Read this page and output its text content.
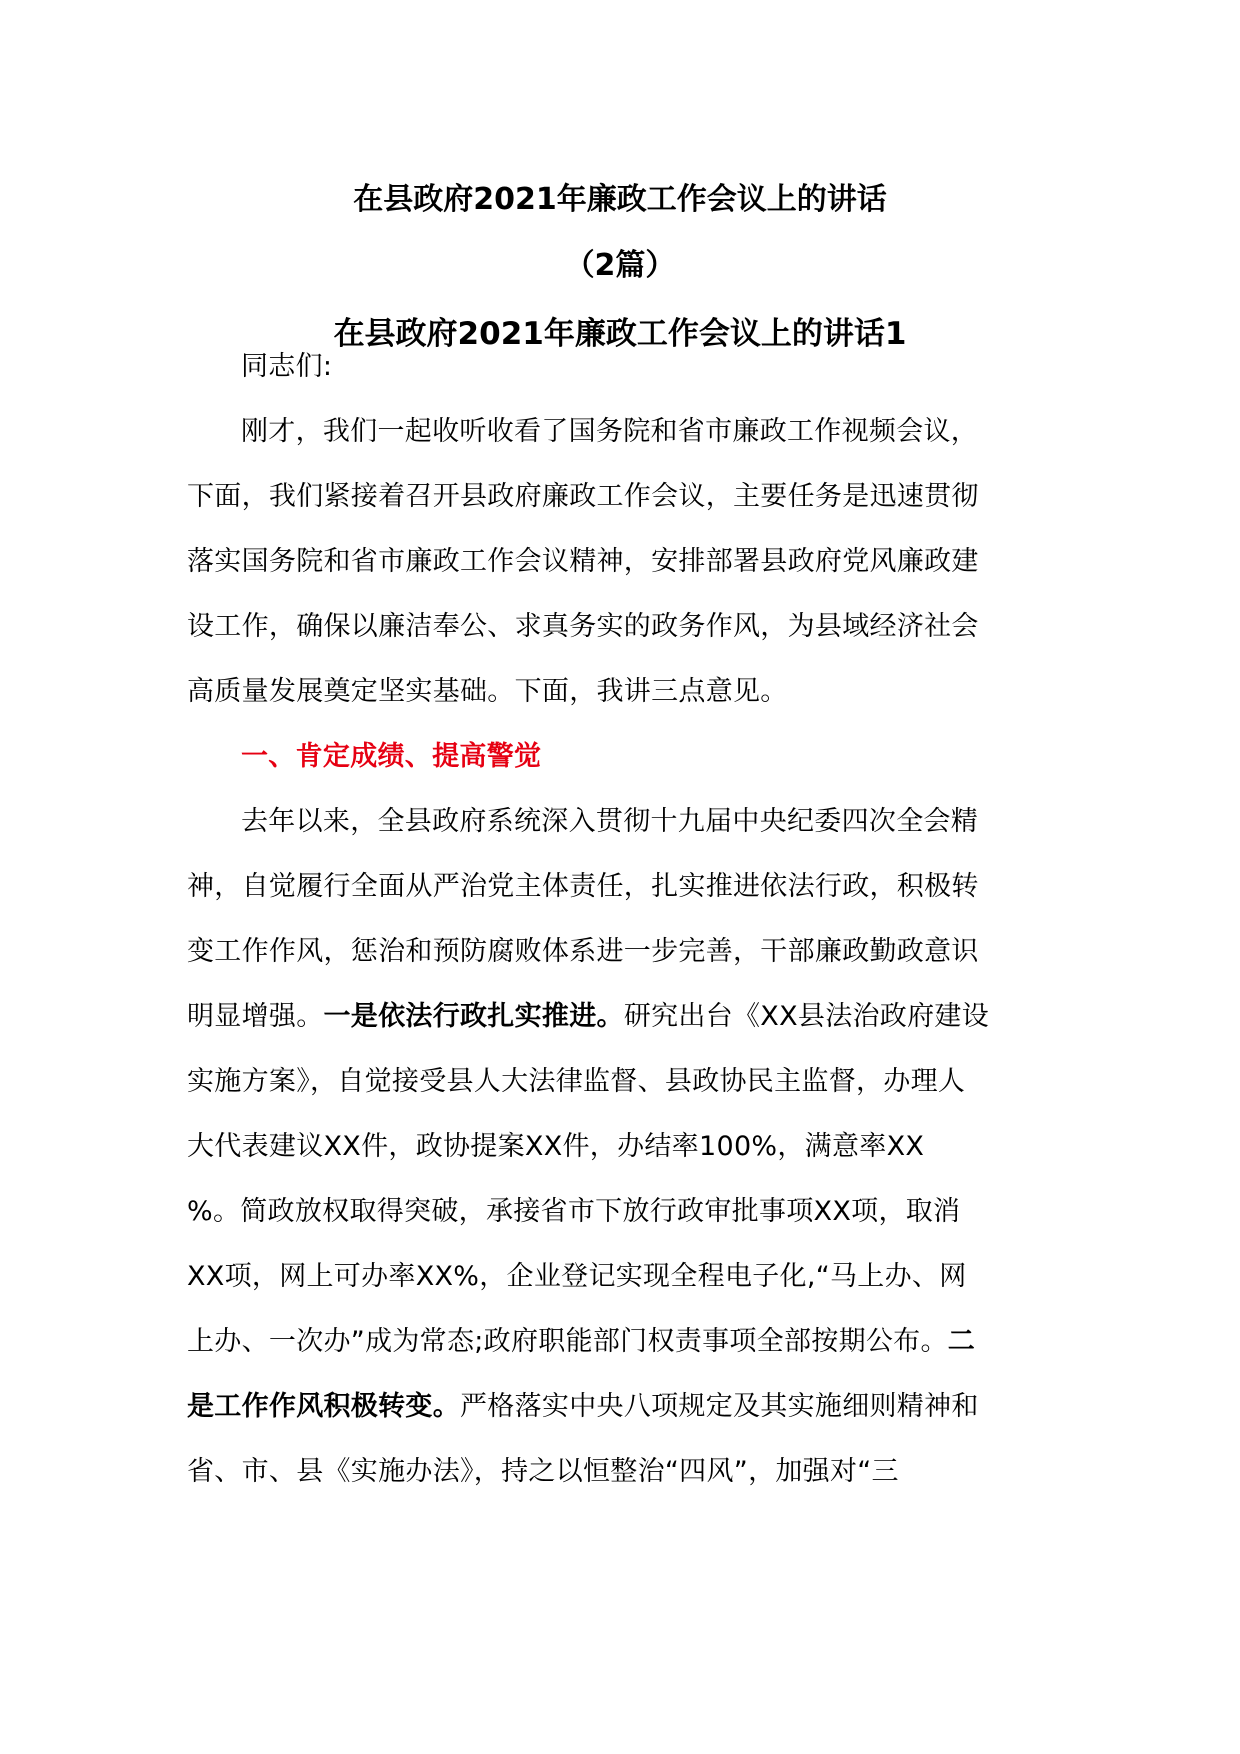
在县政府2021年廉政工作会议上的讲话
（2篇）
在县政府2021年廉政工作会议上的讲话1
同志们:
刚才，我们一起收听收看了国务院和省市廉政工作视频会议，
下面，我们紧接着召开县政府廉政工作会议，主要任务是迅速贯彻
落实国务院和省市廉政工作会议精神，安排部署县政府党风廉政建
设工作，确保以廉洁奉公、求真务实的政务作风，为县域经济社会
高质量发展奠定坚实基础。下面，我讲三点意见。
一、肯定成绩、提高警觉
去年以来，全县政府系统深入贯彻十九届中央纪委四次全会精
神，自觉履行全面从严治党主体责任，扎实推进依法行政，积极转
变工作作风，惩治和预防腐败体系进一步完善，干部廉政勤政意识
明显增强。一是依法行政扎实推进。研究出台《XX县法治政府建设
实施方案》，自觉接受县人大法律监督、县政协民主监督，办理人
大代表建议XX件，政协提案XX件，办结率100%，满意率XX
%。简政放权取得突破，承接省市下放行政审批事项XX项，取消
XX项，网上可办率XX%，企业登记实现全程电子化,“马上办、网
上办、一次办”成为常态;政府职能部门权责事项全部按期公布。二
是工作作风积极转变。严格落实中央八项规定及其实施细则精神和
省、市、县《实施办法》，持之以恒整治“四风”，加强对“三
